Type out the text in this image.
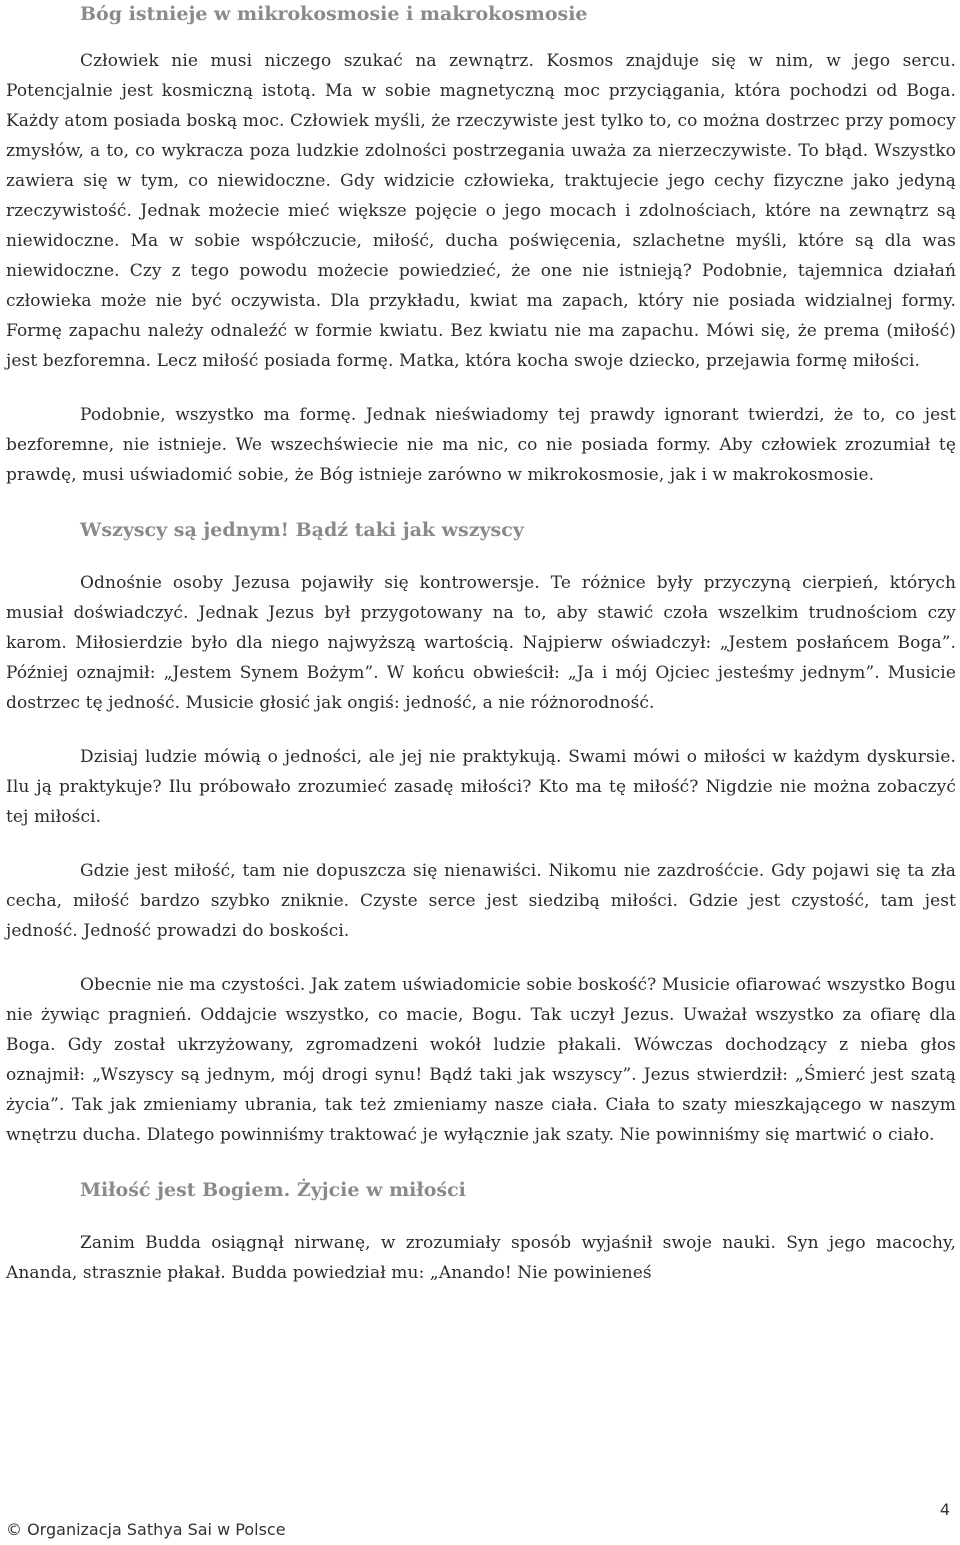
Bóg istnieje w mikrokosmosie i makrokosmosie

Człowiek nie musi niczego szukać na zewnątrz. Kosmos znajduje się w nim, w jego sercu. Potencjalnie jest kosmiczną istotą. Ma w sobie magnetyczną moc przyciągania, która pochodzi od Boga. Każdy atom posiada boską moc. Człowiek myśli, że rzeczywiste jest tylko to, co można dostrzec przy pomocy zmysłów, a to, co wykracza poza ludzkie zdolności postrzegania uważa za nierzeczywiste. To błąd. Wszystko zawiera się w tym, co niewidoczne. Gdy widzicie człowieka, traktujecie jego cechy fizyczne jako jedyną rzeczywistość. Jednak możecie mieć większe pojęcie o jego mocach i zdolnościach, które na zewnątrz są niewidoczne. Ma w sobie współczucie, miłość, ducha poświęcenia, szlachetne myśli, które są dla was niewidoczne. Czy z tego powodu możecie powiedzieć, że one nie istnieją? Podobnie, tajemnica działań człowieka może nie być oczywista. Dla przykładu, kwiat ma zapach, który nie posiada widzialnej formy. Formę zapachu należy odnaleźć w formie kwiatu. Bez kwiatu nie ma zapachu. Mówi się, że prema (miłość) jest bezforemna. Lecz miłość posiada formę. Matka, która kocha swoje dziecko, przejawia formę miłości.

Podobnie, wszystko ma formę. Jednak nieświadomy tej prawdy ignorant twierdzi, że to, co jest bezforemne, nie istnieje. We wszechświecie nie ma nic, co nie posiada formy. Aby człowiek zrozumiał tę prawdę, musi uświadomić sobie, że Bóg istnieje zarówno w mikrokosmosie, jak i w makrokosmosie.

Wszyscy są jednym! Bądź taki jak wszyscy

Odnośnie osoby Jezusa pojawiły się kontrowersje. Te różnice były przyczyną cierpień, których musiał doświadczyć. Jednak Jezus był przygotowany na to, aby stawić czoła wszelkim trudnościom czy karom. Miłosierdzie było dla niego najwyższą wartością. Najpierw oświadczył: „Jestem posłańcem Boga”. Później oznajmił: „Jestem Synem Bożym”. W końcu obwieścił: „Ja i mój Ojciec jesteśmy jednym”. Musicie dostrzec tę jedność. Musicie głosić jak ongiś: jedność, a nie różnorodność.

Dzisiaj ludzie mówią o jedności, ale jej nie praktykują. Swami mówi o miłości w każdym dyskursie. Ilu ją praktykuje? Ilu próbowało zrozumieć zasadę miłości? Kto ma tę miłość? Nigdzie nie można zobaczyć tej miłości.

Gdzie jest miłość, tam nie dopuszcza się nienawiści. Nikomu nie zazdrośćcie. Gdy pojawi się ta zła cecha, miłość bardzo szybko zniknie. Czyste serce jest siedzibą miłości. Gdzie jest czystość, tam jest jedność. Jedność prowadzi do boskości.

Obecnie nie ma czystości. Jak zatem uświadomicie sobie boskość? Musicie ofiarować wszystko Bogu nie żywiąc pragnień. Oddajcie wszystko, co macie, Bogu. Tak uczył Jezus. Uważał wszystko za ofiarę dla Boga. Gdy został ukrzyżowany, zgromadzeni wokół ludzie płakali. Wówczas dochodzący z nieba głos oznajmił: „Wszyscy są jednym, mój drogi synu! Bądź taki jak wszyscy”. Jezus stwierdził: „Śmierć jest szatą życia”. Tak jak zmieniamy ubrania, tak też zmieniamy nasze ciała. Ciała to szaty mieszkającego w naszym wnętrzu ducha. Dlatego powinniśmy traktować je wyłącznie jak szaty. Nie powinniśmy się martwić o ciało.

Miłość jest Bogiem. Żyjcie w miłości

Zanim Budda osiągnął nirwanę, w zrozumiały sposób wyjaśnił swoje nauki. Syn jego macochy, Ananda, strasznie płakał. Budda powiedział mu: „Anando! Nie powinieneś

© Organizacja Sathya Sai w Polsce
4
